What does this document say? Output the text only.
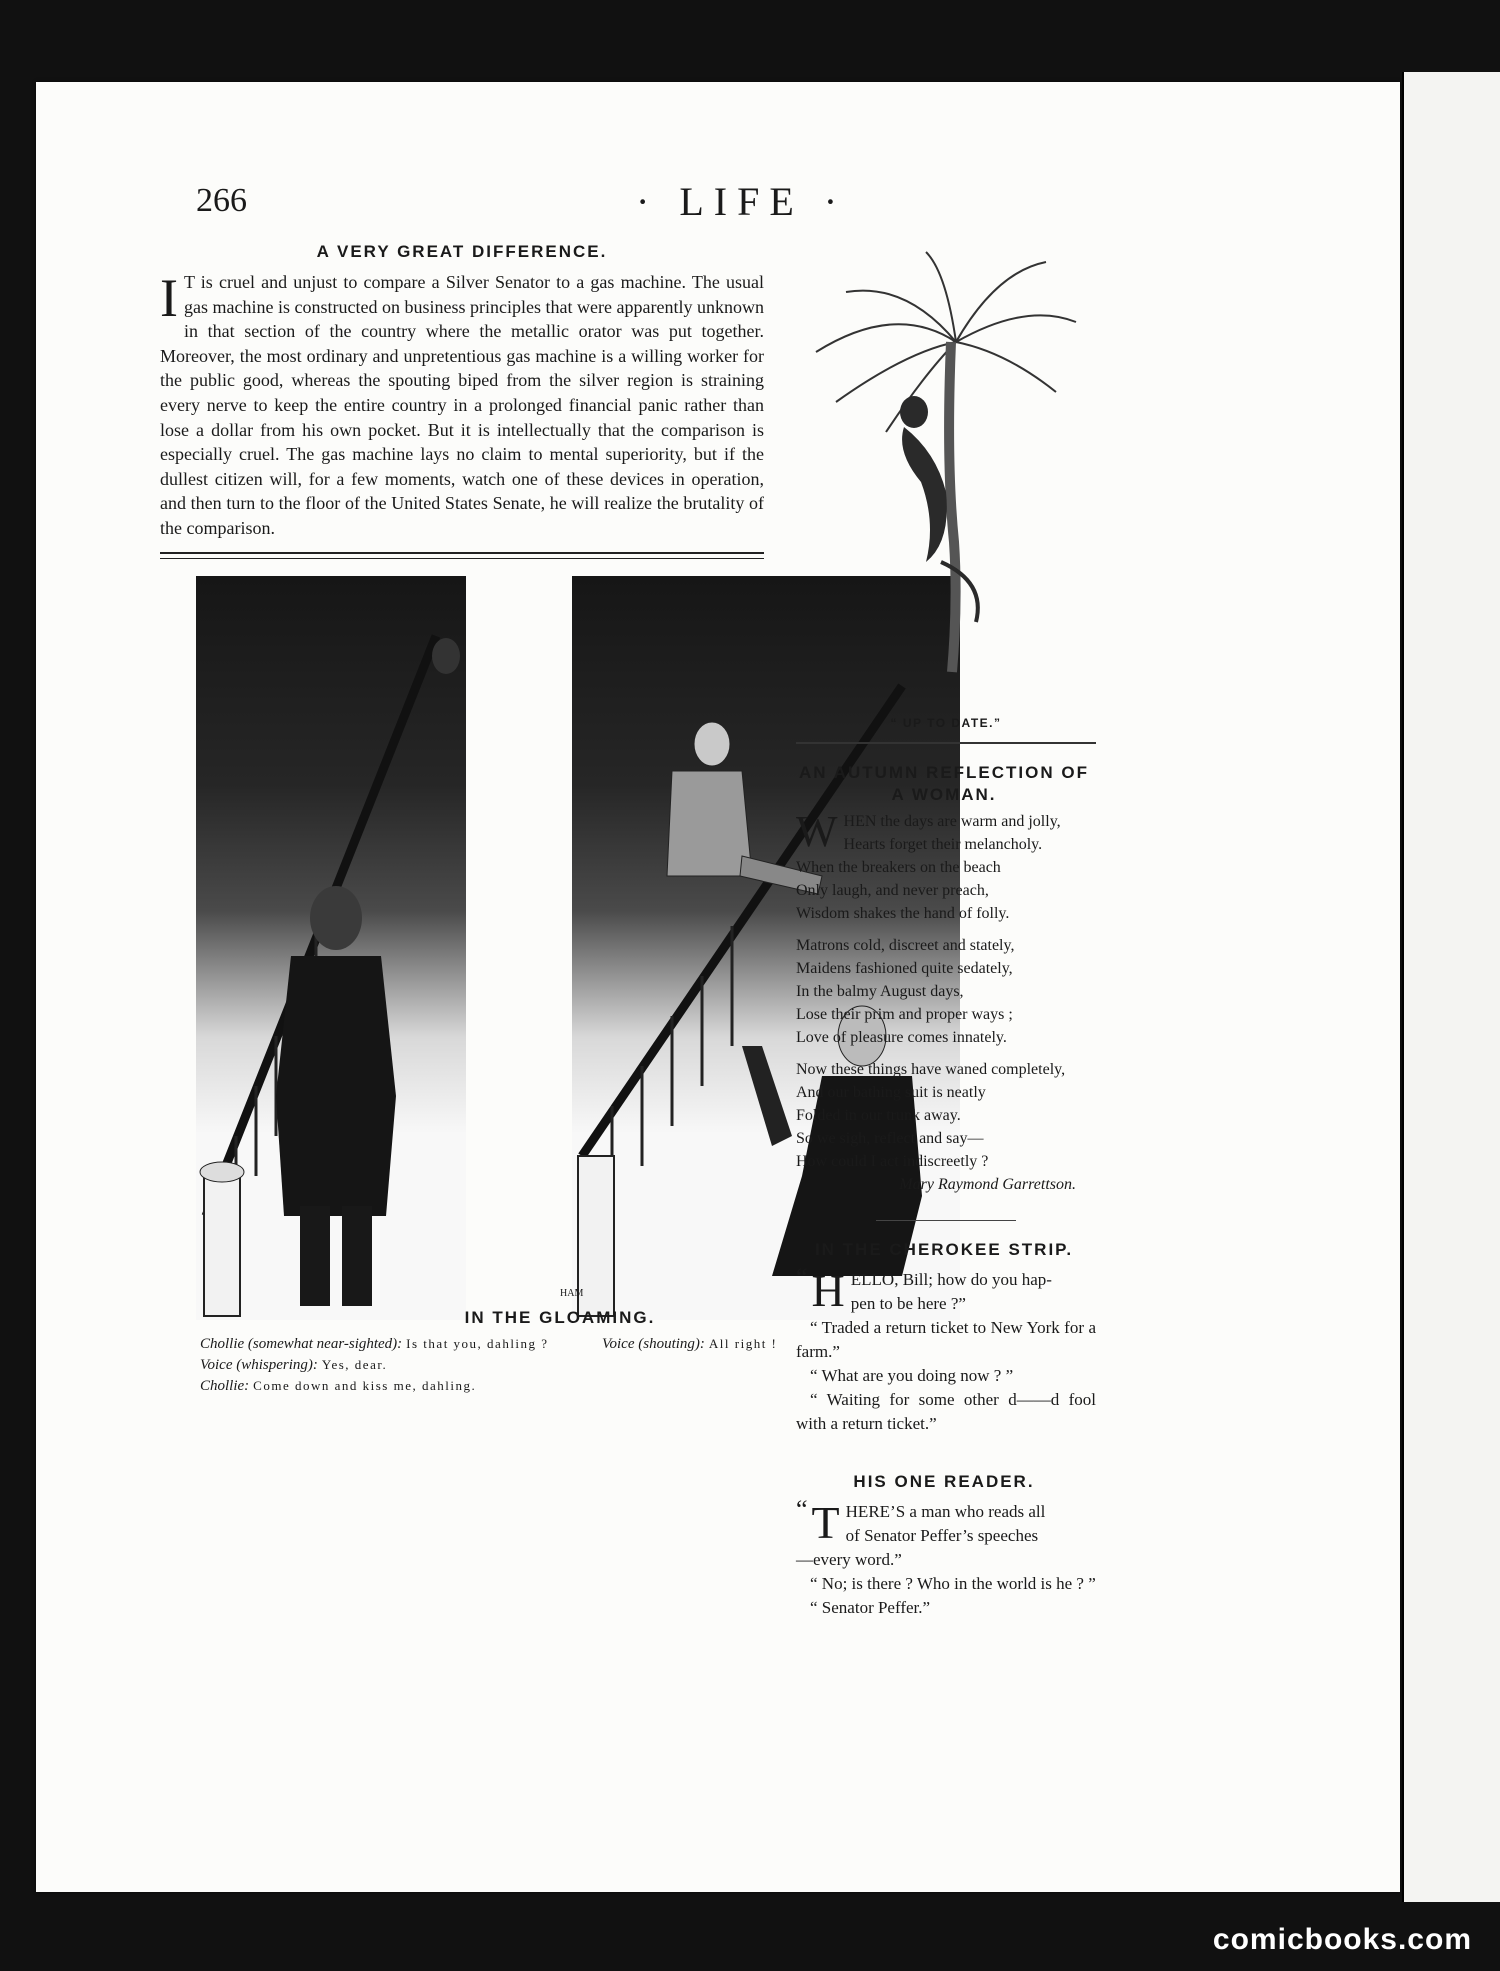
266	· LIFE ·
A VERY GREAT DIFFERENCE.

I T is cruel and unjust to compare a Silver Senator to a gas machine. The usual gas machine is constructed on business principles that were apparently unknown in that section of the country where the metallic orator was put together. Moreover, the most ordinary and unpretentious gas machine is a willing worker for the public good, whereas the spouting biped from the silver region is straining every nerve to keep the entire country in a prolonged financial panic rather than lose a dollar from his own pocket. But it is intellectually that the comparison is especially cruel. The gas machine lays no claim to mental superiority, but if the dullest citizen will, for a few moments, watch one of these devices in operation, and then turn to the floor of the United States Senate, he will realize the brutality of the comparison.

HAM
IN THE GLOAMING.
Chollie (somewhat near-sighted): Is that you, dahling ?
Voice (whispering): Yes, dear.
Chollie: Come down and kiss me, dahling.
Voice (shouting): All right !
“ UP TO DATE.”
AN AUTUMN REFLECTION OF A WOMAN.

W HEN the days are warm and jolly,
Hearts forget their melancholy.
When the breakers on the beach
Only laugh, and never preach,
Wisdom shakes the hand of folly.

Matrons cold, discreet and stately,
Maidens fashioned quite sedately,
In the balmy August days,
Lose their prim and proper ways ;
Love of pleasure comes innately.

Now these things have waned completely,
And our bathing suit is neatly
Folded in our trunk away.
So we sigh, reflect and say—
How could I act indiscreetly ?

Mary Raymond Garrettson.
IN THE CHEROKEE STRIP.
“ H ELLO, Bill; how do you hap-
pen to be here ?”
“ Traded a return ticket to New York for a farm.”
“ What are you doing now ? ”
“ Waiting for some other d——d fool with a return ticket.”
HIS ONE READER.
“ T HERE’S a man who reads all
of Senator Peffer’s speeches
—every word.”
“ No; is there ? Who in the world is he ? ”
“ Senator Peffer.”
comicbooks.com
